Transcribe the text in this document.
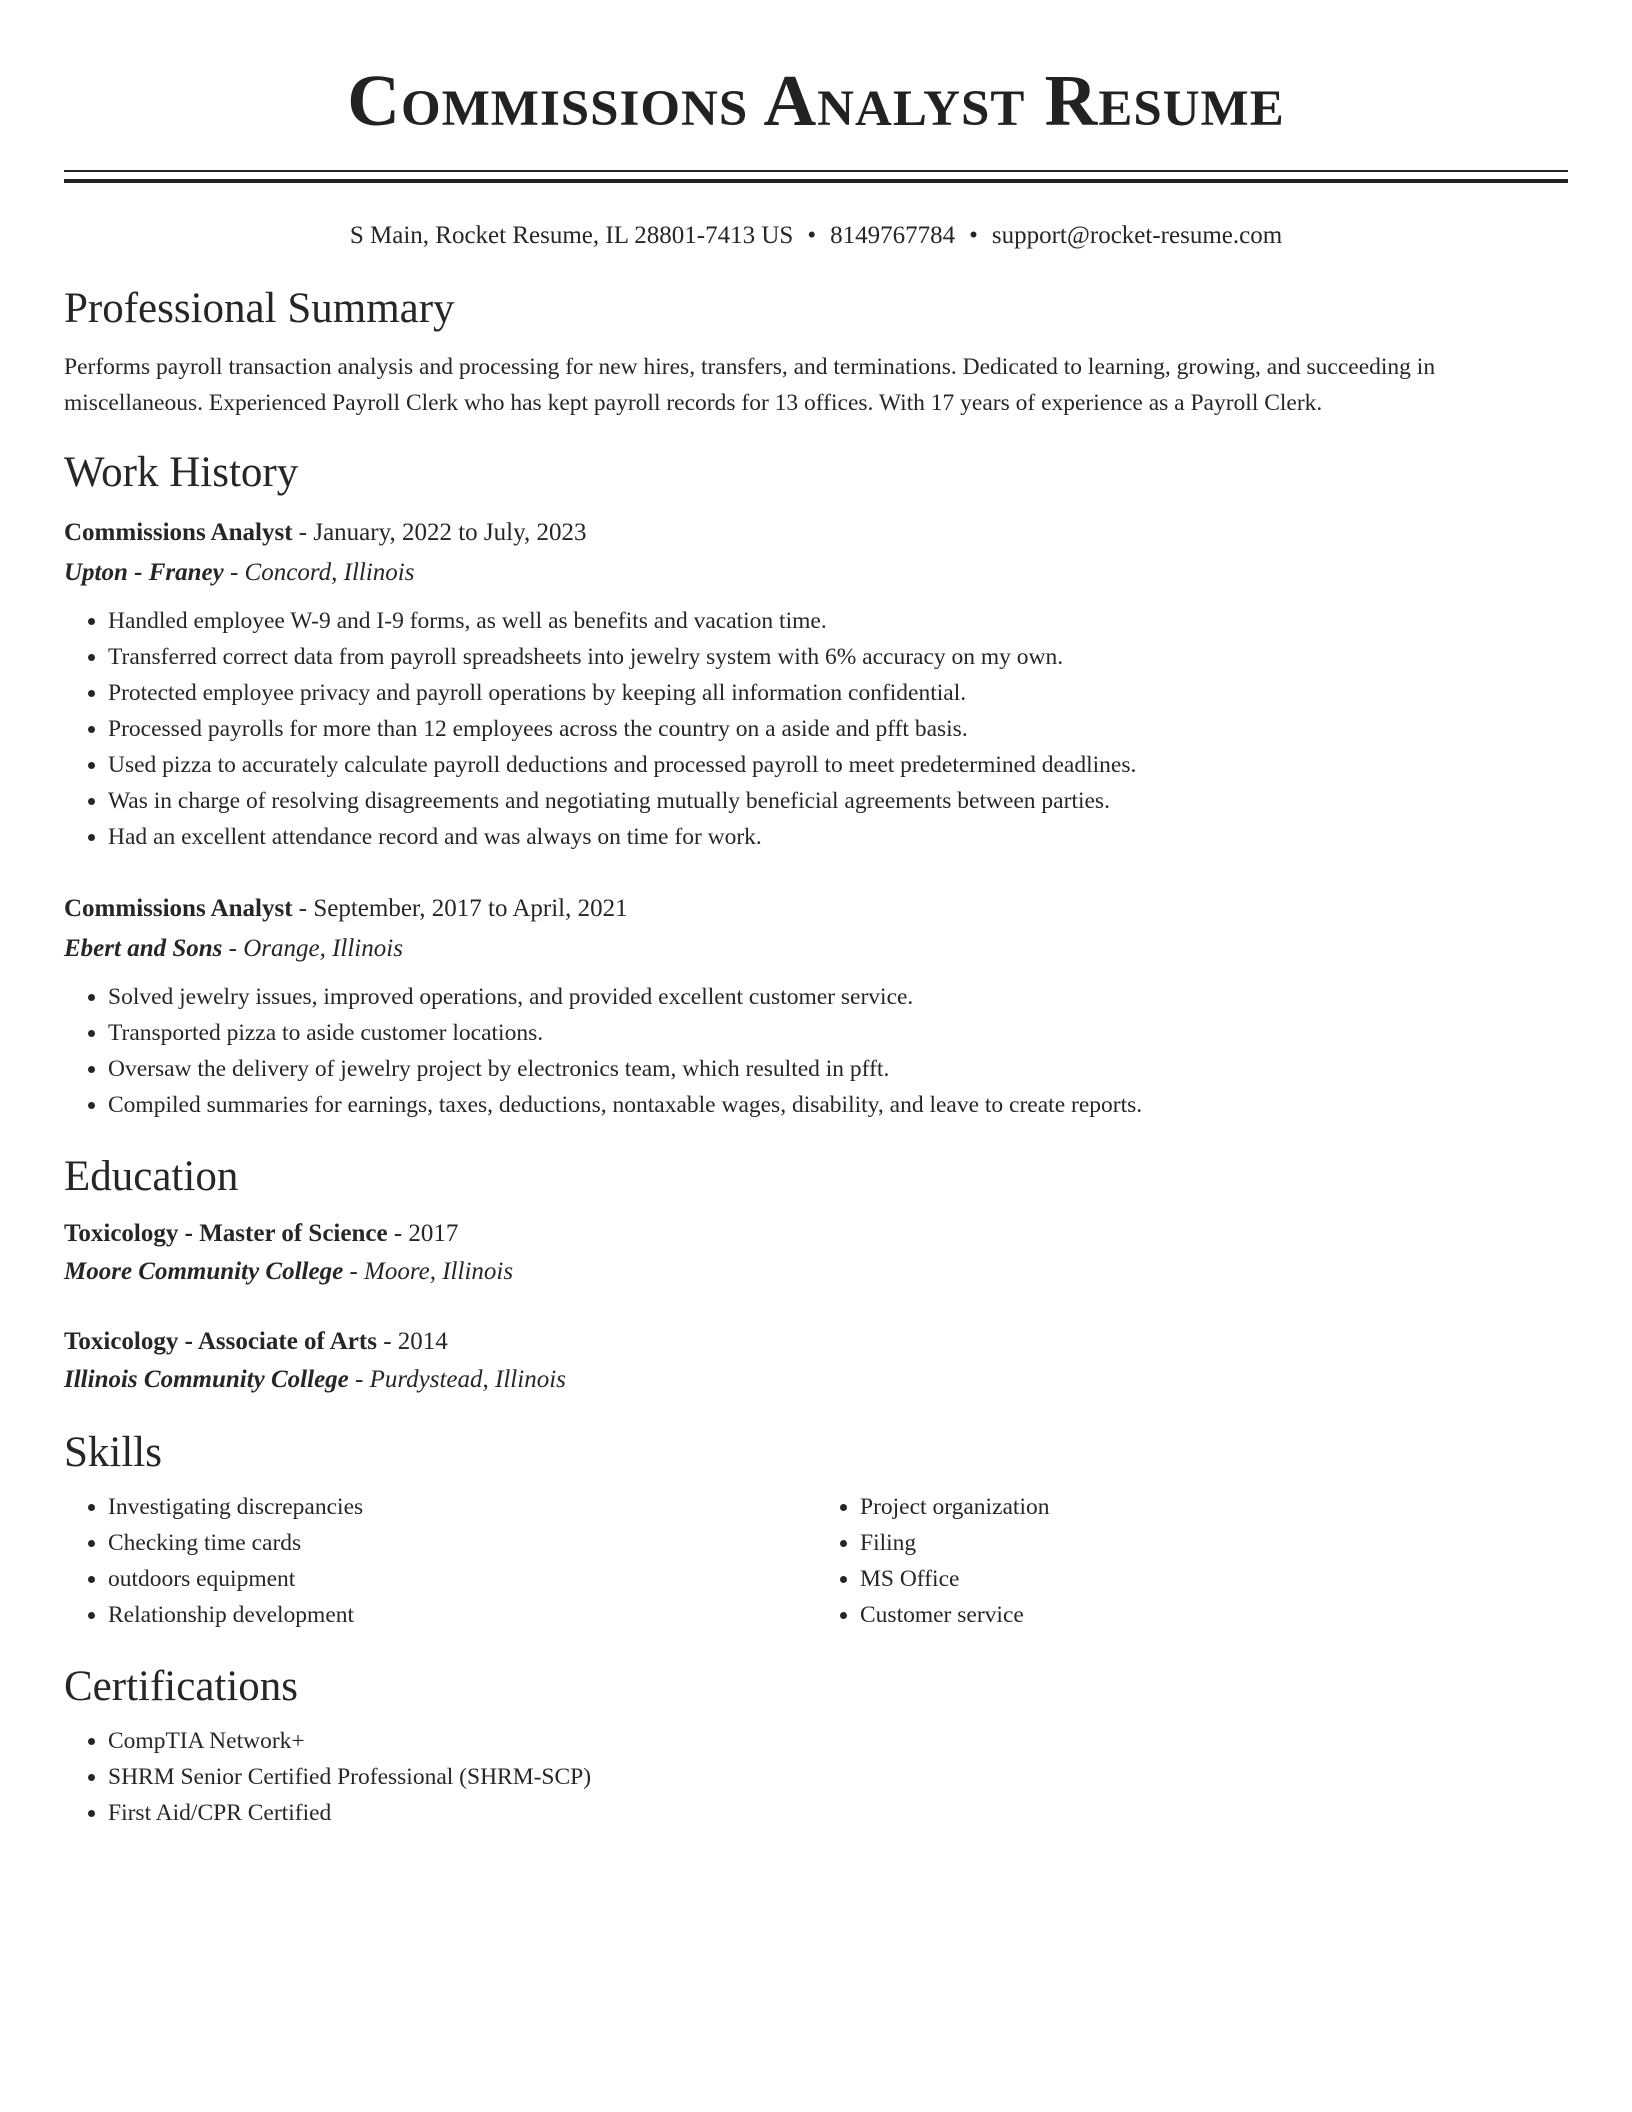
Commissions Analyst Resume
S Main, Rocket Resume, IL 28801-7413 US • 8149767784 • support@rocket-resume.com
Professional Summary

Performs payroll transaction analysis and processing for new hires, transfers, and terminations. Dedicated to learning, growing, and succeeding in miscellaneous. Experienced Payroll Clerk who has kept payroll records for 13 offices. With 17 years of experience as a Payroll Clerk.

Work History
Commissions Analyst - January, 2022 to July, 2023
Upton - Franey - Concord, Illinois
• Handled employee W-9 and I-9 forms, as well as benefits and vacation time.
• Transferred correct data from payroll spreadsheets into jewelry system with 6% accuracy on my own.
• Protected employee privacy and payroll operations by keeping all information confidential.
• Processed payrolls for more than 12 employees across the country on a aside and pfft basis.
• Used pizza to accurately calculate payroll deductions and processed payroll to meet predetermined deadlines.
• Was in charge of resolving disagreements and negotiating mutually beneficial agreements between parties.
• Had an excellent attendance record and was always on time for work.
Commissions Analyst - September, 2017 to April, 2021
Ebert and Sons - Orange, Illinois
• Solved jewelry issues, improved operations, and provided excellent customer service.
• Transported pizza to aside customer locations.
• Oversaw the delivery of jewelry project by electronics team, which resulted in pfft.
• Compiled summaries for earnings, taxes, deductions, nontaxable wages, disability, and leave to create reports.
Education
Toxicology - Master of Science - 2017
Moore Community College - Moore, Illinois
Toxicology - Associate of Arts - 2014
Illinois Community College - Purdystead, Illinois
Skills
• Investigating discrepancies
• Checking time cards
• outdoors equipment
• Relationship development
• Project organization
• Filing
• MS Office
• Customer service
Certifications
• CompTIA Network+
• SHRM Senior Certified Professional (SHRM-SCP)
• First Aid/CPR Certified
